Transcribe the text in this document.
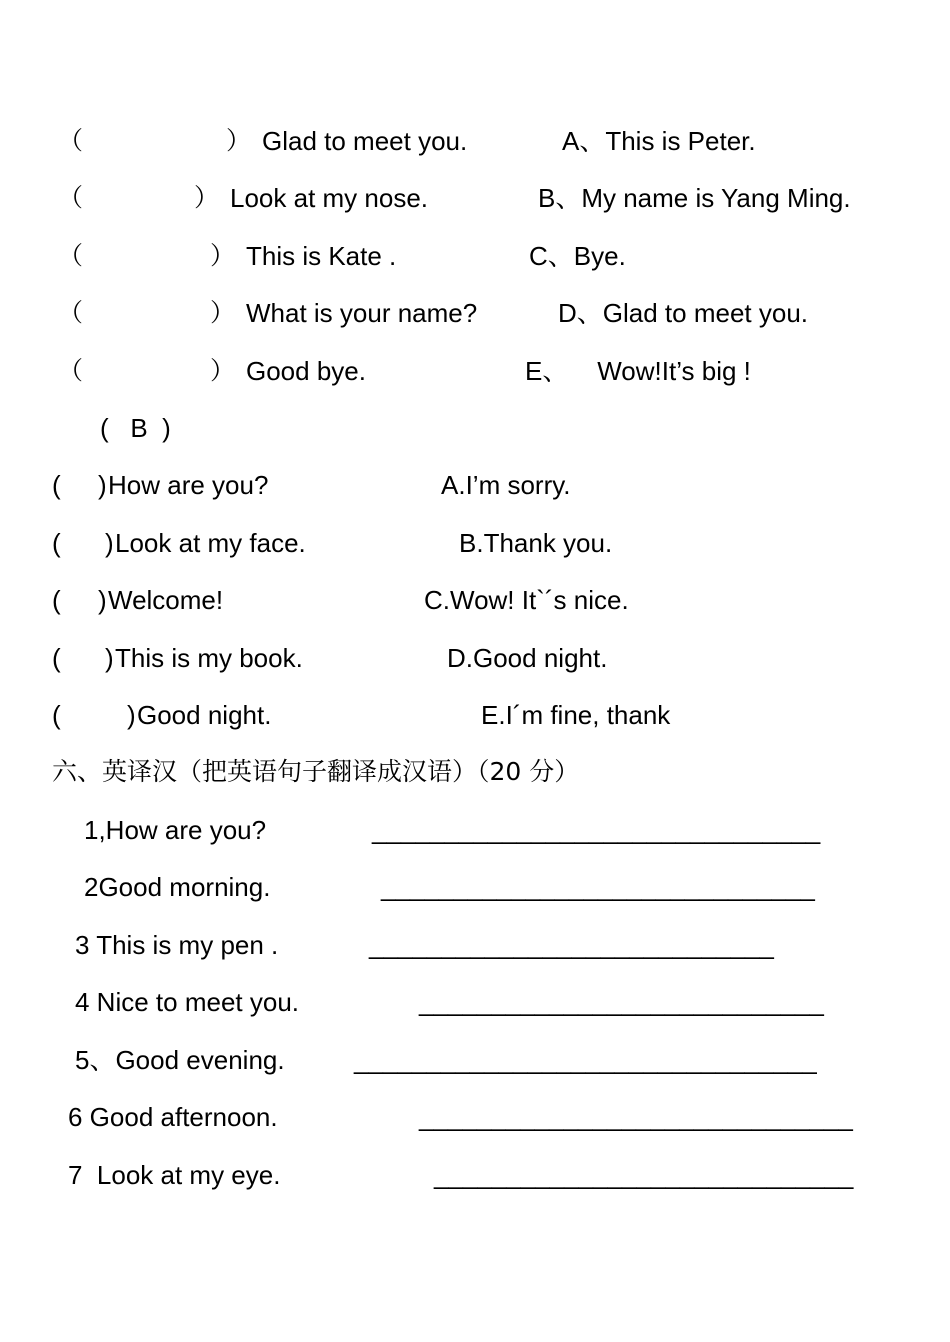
（	） Glad to meet you.	A、This is Peter.
（	） Look at my nose.	B、My name is Yang Ming.
（	） This is Kate .	C、Bye.
（	） What is your name?	D、Glad to meet you.
（	） Good bye.	E、    Wow!It’s big !
(   B  )
( ) How are you?	A.I’m sorry.
( ) Look at my face.	B.Thank you.
( ) Welcome!	C.Wow! It`´s nice.
( ) This is my book.	D.Good night.
(	) Good night.	E.I´m fine, thank
六、英译汉（把英语句子翻译成汉语）（20 分）
1,How are you?	_______________________________
2Good morning.	______________________________
3 This is my pen .	____________________________
4 Nice to meet you.	____________________________
5、Good evening.	________________________________
6 Good afternoon.	______________________________
7  Look at my eye.	_____________________________
